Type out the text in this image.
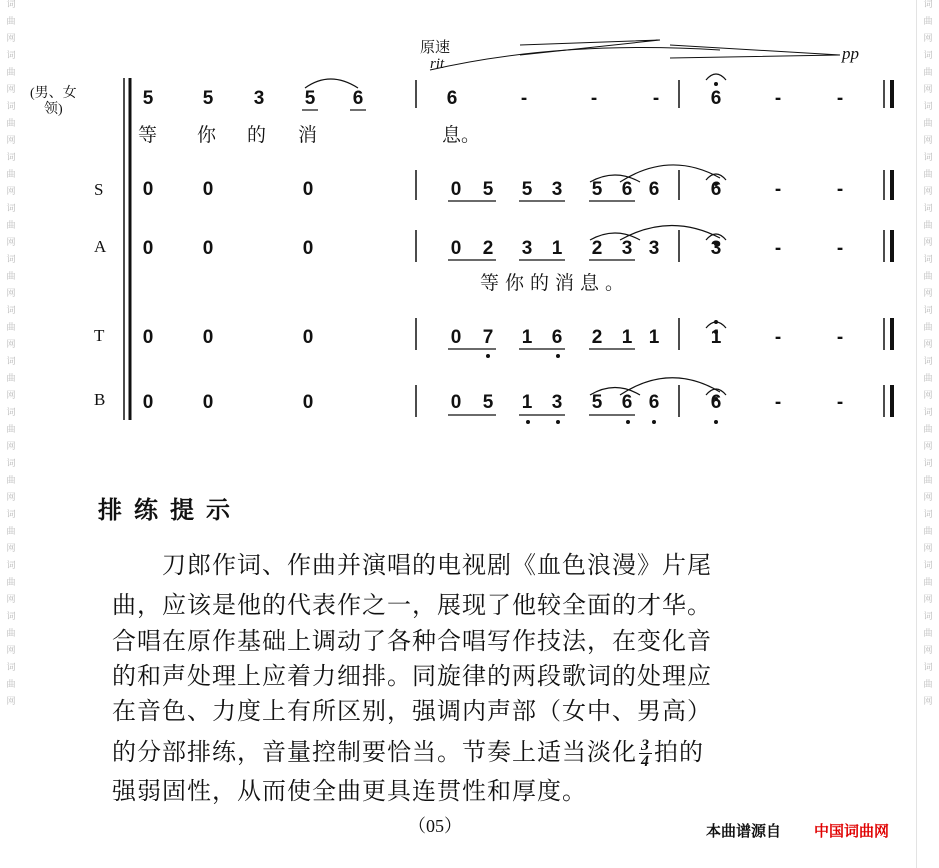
词
曲
网
词
曲
网
词
曲
网
词
曲
网
词
曲
网
词
曲
网
词
曲
网
词
曲
网
词
曲
网
词
曲
网
词
曲
网
词
曲
网
词
曲
网
词
曲
网
词
曲
网
词
曲
网
词
曲
网
词
曲
网
词
曲
网
词
曲
网
词
曲
网
词
曲
网
词
曲
网
词
曲
网
词
曲
网
词
曲
网
词
曲
网
词
曲
网
原速
rit
pp
(男、女
领)
S
A
T
B
5	5 3 5 6	6	-	-	-	6	-	-
等 你 的 消	息。
0	0	0	0 5 5 3 5 6 6	6	-	-
0	0	0	0 2 3 1 2 3 3	3	-	-
等你的消息。
0	0	0	0 7 1 6 2 1 1	1	-	-
0	0	0	0 5 1 3 5 6 6	6	-	-
排练提示
　　刀郎作词、作曲并演唱的电视剧《血色浪漫》片尾
曲，应该是他的代表作之一，展现了他较全面的才华。
合唱在原作基础上调动了各种合唱写作技法，在变化音
的和声处理上应着力细排。同旋律的两段歌词的处理应
在音色、力度上有所区别，强调内声部（女中、男高）
的分部排练，音量控制要恰当。节奏上适当淡化 $\frac{3}{4}$ 拍的
强弱固性，从而使全曲更具连贯性和厚度。
（05）	本曲谱源自 中国词曲网
